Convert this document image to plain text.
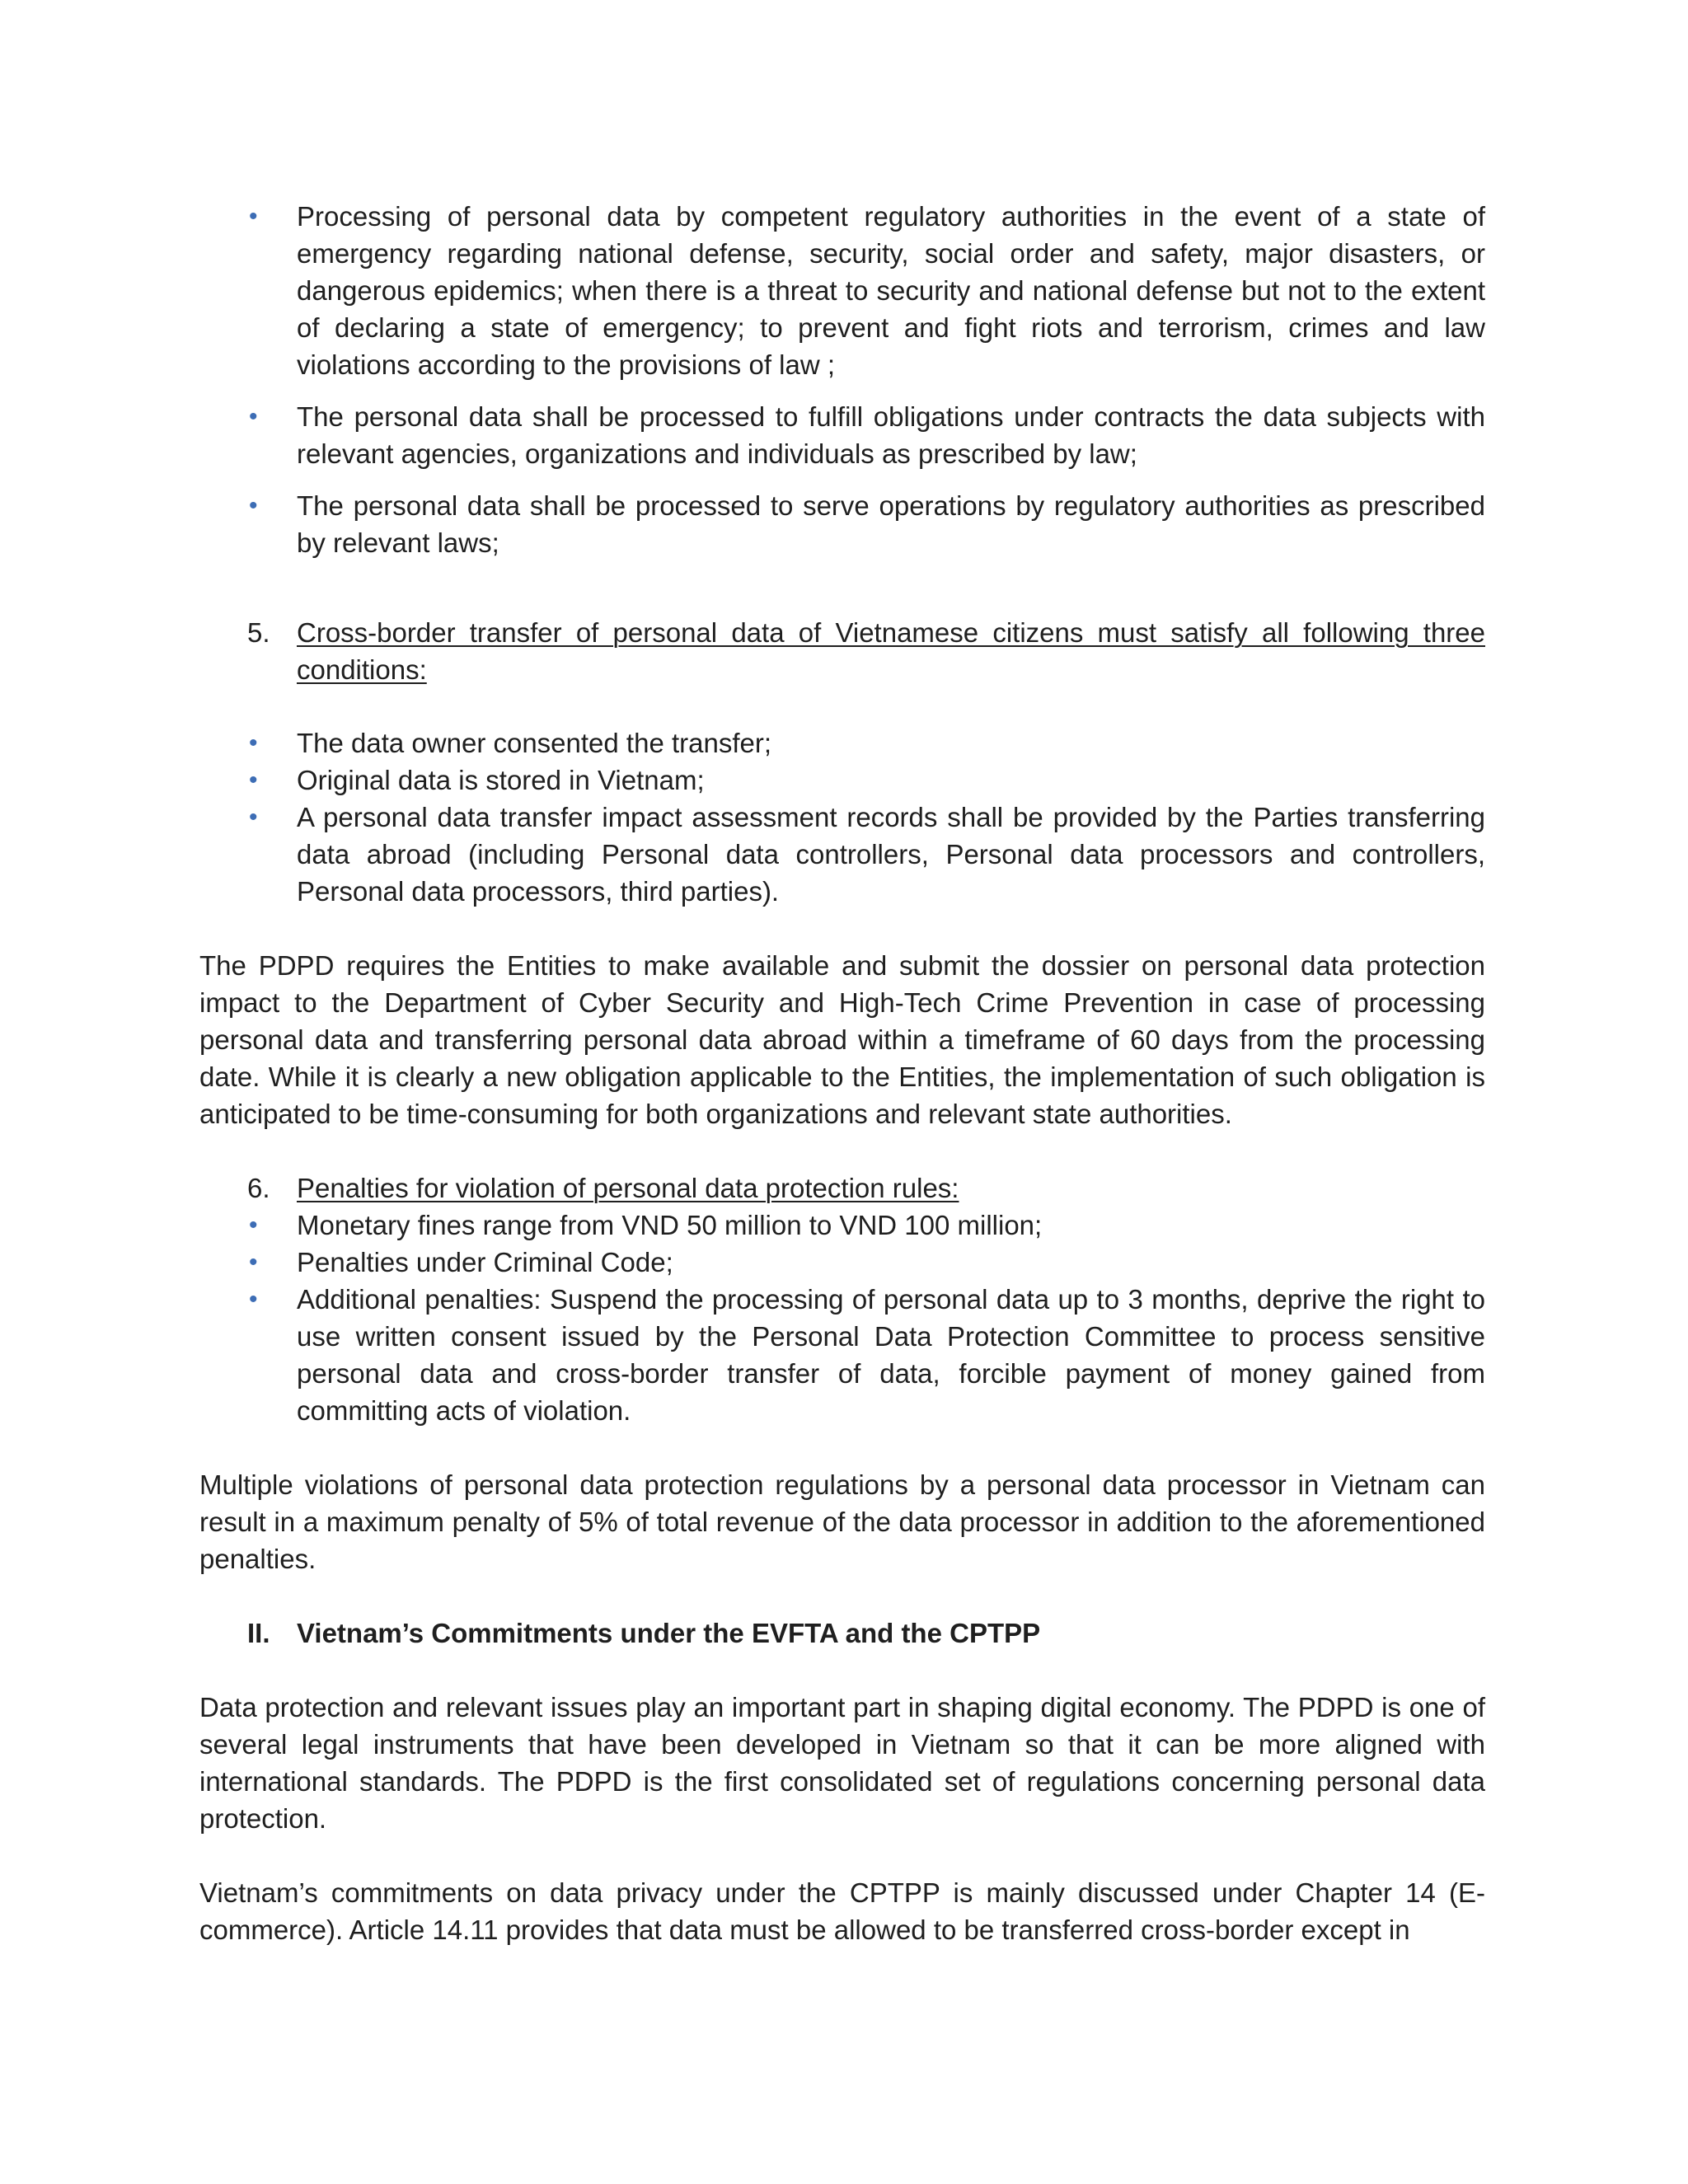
• Processing of personal data by competent regulatory authorities in the event of a state of emergency regarding national defense, security, social order and safety, major disasters, or dangerous epidemics; when there is a threat to security and national defense but not to the extent of declaring a state of emergency; to prevent and fight riots and terrorism, crimes and law violations according to the provisions of law ;
• The personal data shall be processed to fulfill obligations under contracts the data subjects with relevant agencies, organizations and individuals as prescribed by law;
• The personal data shall be processed to serve operations by regulatory authorities as prescribed by relevant laws;
5. Cross-border transfer of personal data of Vietnamese citizens must satisfy all following three conditions:
• The data owner consented the transfer;
• Original data is stored in Vietnam;
• A personal data transfer impact assessment records shall be provided by the Parties transferring data abroad (including Personal data controllers, Personal data processors and controllers, Personal data processors, third parties).

The PDPD requires the Entities to make available and submit the dossier on personal data protection impact to the Department of Cyber Security and High-Tech Crime Prevention in case of processing personal data and transferring personal data abroad within a timeframe of 60 days from the processing date. While it is clearly a new obligation applicable to the Entities, the implementation of such obligation is anticipated to be time-consuming for both organizations and relevant state authorities.

6. Penalties for violation of personal data protection rules:
• Monetary fines range from VND 50 million to VND 100 million;
• Penalties under Criminal Code;
• Additional penalties: Suspend the processing of personal data up to 3 months, deprive the right to use written consent issued by the Personal Data Protection Committee to process sensitive personal data and cross-border transfer of data, forcible payment of money gained from committing acts of violation.

Multiple violations of personal data protection regulations by a personal data processor in Vietnam can result in a maximum penalty of 5% of total revenue of the data processor in addition to the aforementioned penalties.

II. Vietnam’s Commitments under the EVFTA and the CPTPP

Data protection and relevant issues play an important part in shaping digital economy. The PDPD is one of several legal instruments that have been developed in Vietnam so that it can be more aligned with international standards. The PDPD is the first consolidated set of regulations concerning personal data protection.

Vietnam’s commitments on data privacy under the CPTPP is mainly discussed under Chapter 14 (E-commerce). Article 14.11 provides that data must be allowed to be transferred cross-border except in
